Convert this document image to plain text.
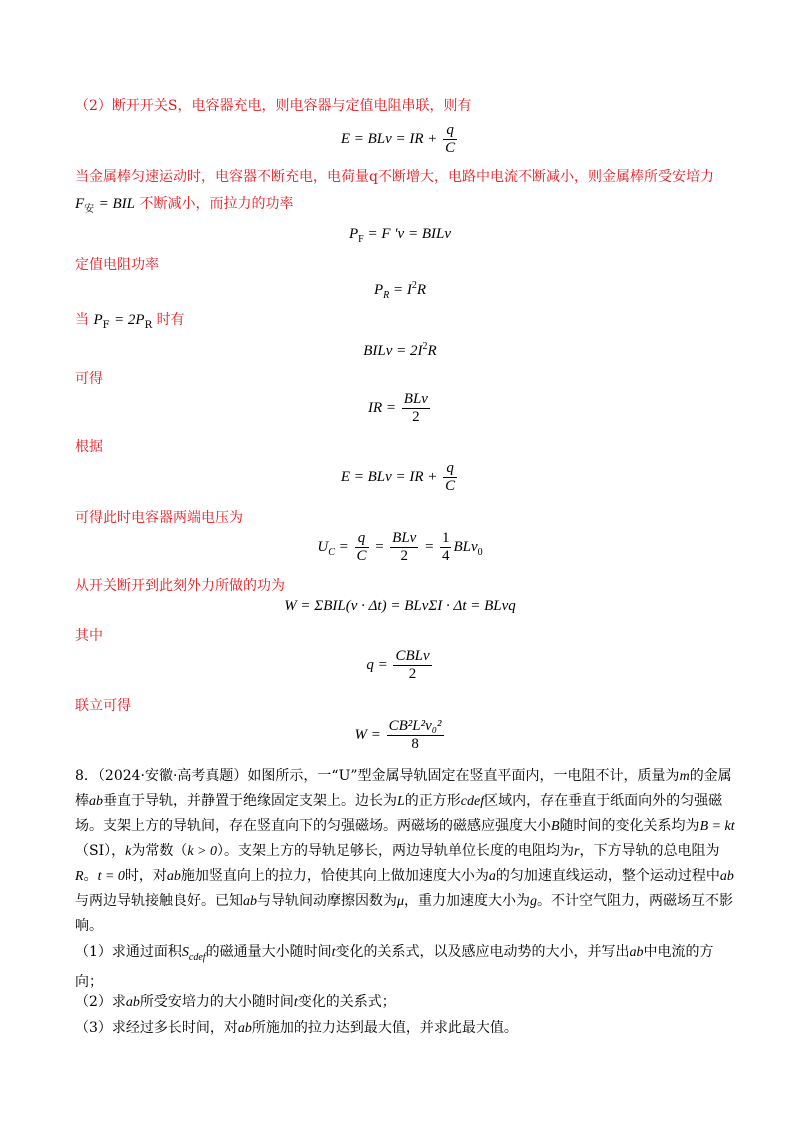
（2）断开开关S，电容器充电，则电容器与定值电阻串联，则有
E = BLv = IR + $\frac{q}{C}$
当金属棒匀速运动时，电容器不断充电，电荷量q不断增大，电路中电流不断减小，则金属棒所受安培力
$F_安$ = BIL 不断减小，而拉力的功率
$P_F = F$ ′v = BILv
定值电阻功率
$P_R = I^2R$
当 $P_F = 2P_R$ 时有
BILv = $2I^2R$
可得
IR = $\frac{\text{BLv}}{2}$
根据
E = BLv = IR + $\frac{q}{C}$
可得此时电容器两端电压为
$U_C = \frac{q}{C} = \frac{\text{BLv}}{2} = \frac{1}{4} BLv_0$
从开关断开到此刻外力所做的功为
W = ΣBIL(v · Δt) = BLvΣI · Δt = BLvq
其中
$q = \frac{\text{CBLv}}{2}$
联立可得
$W = \frac{\text{CB²L²v₀²}}{8}$
8．（2024·安徽·高考真题）如图所示，一“U”型金属导轨固定在竖直平面内，一电阻不计，质量为m的金属棒ab垂直于导轨，并静置于绝缘固定支架上。边长为L的正方形cdef区域内，存在垂直于纸面向外的匀强磁场。支架上方的导轨间，存在竖直向下的匀强磁场。两磁场的磁感应强度大小B随时间的变化关系均为B = kt（SI），k为常数（k > 0）。支架上方的导轨足够长，两边导轨单位长度的电阻均为r，下方导轨的总电阻为R。t = 0时，对ab施加竖直向上的拉力，恰使其向上做加速度大小为a的匀加速直线运动，整个运动过程中ab与两边导轨接触良好。已知ab与导轨间动摩擦因数为μ，重力加速度大小为g。不计空气阻力，两磁场互不影响。
（1）求通过面积$S_{cdef}$的磁通量大小随时间t变化的关系式，以及感应电动势的大小，并写出ab中电流的方向；
（2）求ab所受安培力的大小随时间t变化的关系式；
（3）求经过多长时间，对ab所施加的拉力达到最大值，并求此最大值。
